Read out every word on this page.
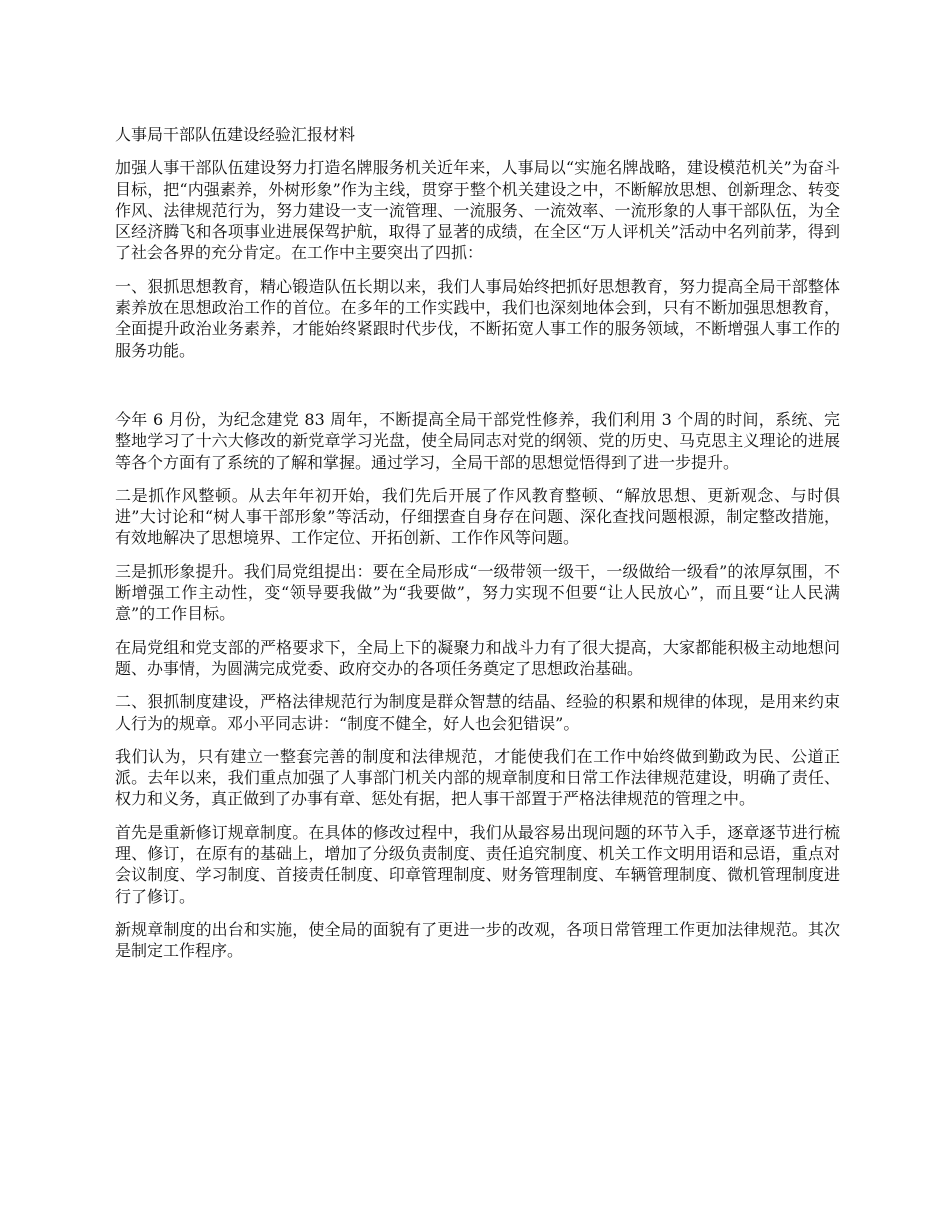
人事局干部队伍建设经验汇报材料

加强人事干部队伍建设努力打造名牌服务机关近年来，人事局以“实施名牌战略，建设模范机关”为奋斗目标，把“内强素养，外树形象”作为主线，贯穿于整个机关建设之中，不断解放思想、创新理念、转变作风、法律规范行为，努力建设一支一流管理、一流服务、一流效率、一流形象的人事干部队伍，为全区经济腾飞和各项事业进展保驾护航，取得了显著的成绩，在全区“万人评机关”活动中名列前茅，得到了社会各界的充分肯定。在工作中主要突出了四抓：

一、狠抓思想教育，精心锻造队伍长期以来，我们人事局始终把抓好思想教育，努力提高全局干部整体素养放在思想政治工作的首位。在多年的工作实践中，我们也深刻地体会到，只有不断加强思想教育，全面提升政治业务素养，才能始终紧跟时代步伐，不断拓宽人事工作的服务领域，不断增强人事工作的服务功能。

今年 6 月份，为纪念建党 83 周年，不断提高全局干部党性修养，我们利用 3 个周的时间，系统、完整地学习了十六大修改的新党章学习光盘，使全局同志对党的纲领、党的历史、马克思主义理论的进展等各个方面有了系统的了解和掌握。通过学习，全局干部的思想觉悟得到了进一步提升。

二是抓作风整顿。从去年年初开始，我们先后开展了作风教育整顿、“解放思想、更新观念、与时俱进”大讨论和“树人事干部形象”等活动，仔细摆查自身存在问题、深化查找问题根源，制定整改措施，有效地解决了思想境界、工作定位、开拓创新、工作作风等问题。

三是抓形象提升。我们局党组提出：要在全局形成“一级带领一级干，一级做给一级看”的浓厚氛围，不断增强工作主动性，变“领导要我做”为“我要做”，努力实现不但要“让人民放心”，而且要“让人民满意”的工作目标。

在局党组和党支部的严格要求下，全局上下的凝聚力和战斗力有了很大提高，大家都能积极主动地想问题、办事情，为圆满完成党委、政府交办的各项任务奠定了思想政治基础。

二、狠抓制度建设，严格法律规范行为制度是群众智慧的结晶、经验的积累和规律的体现，是用来约束人行为的规章。邓小平同志讲：“制度不健全，好人也会犯错误”。

我们认为，只有建立一整套完善的制度和法律规范，才能使我们在工作中始终做到勤政为民、公道正派。去年以来，我们重点加强了人事部门机关内部的规章制度和日常工作法律规范建设，明确了责任、权力和义务，真正做到了办事有章、惩处有据，把人事干部置于严格法律规范的管理之中。

首先是重新修订规章制度。在具体的修改过程中，我们从最容易出现问题的环节入手，逐章逐节进行梳理、修订，在原有的基础上，增加了分级负责制度、责任追究制度、机关工作文明用语和忌语，重点对会议制度、学习制度、首接责任制度、印章管理制度、财务管理制度、车辆管理制度、微机管理制度进行了修订。

新规章制度的出台和实施，使全局的面貌有了更进一步的改观，各项日常管理工作更加法律规范。其次是制定工作程序。
